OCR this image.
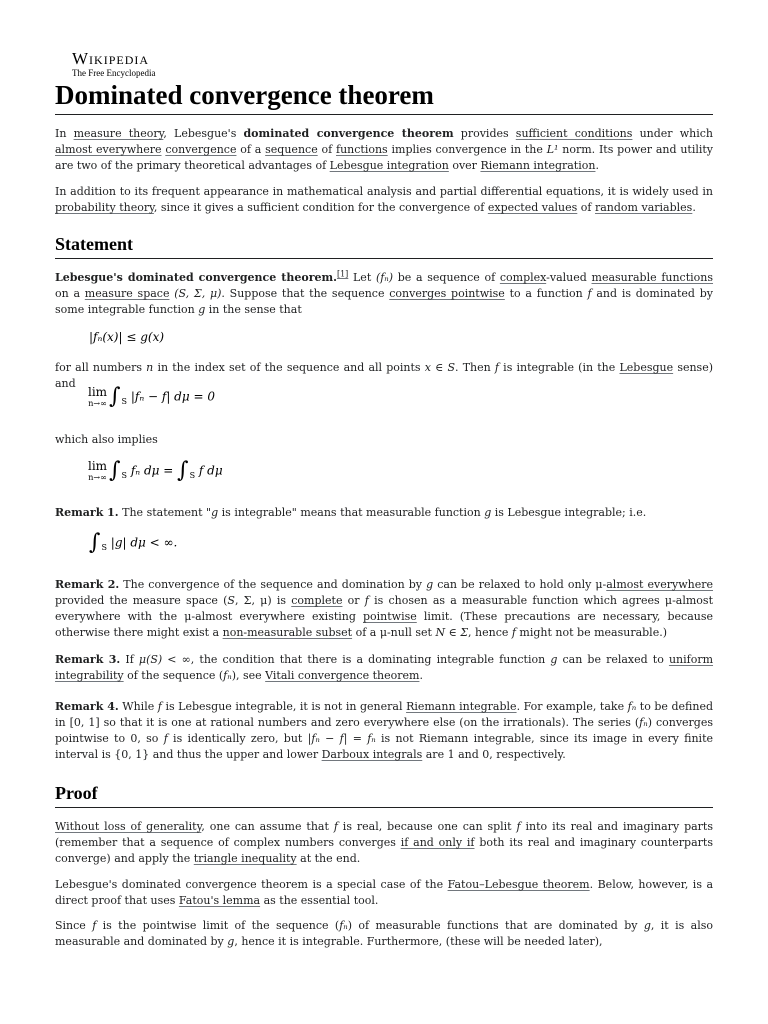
Wikipedia
The Free Encyclopedia
Dominated convergence theorem

In measure theory, Lebesgue's dominated convergence theorem provides sufficient conditions under which almost everywhere convergence of a sequence of functions implies convergence in the L¹ norm. Its power and utility are two of the primary theoretical advantages of Lebesgue integration over Riemann integration.

In addition to its frequent appearance in mathematical analysis and partial differential equations, it is widely used in probability theory, since it gives a sufficient condition for the convergence of expected values of random variables.

Statement

Lebesgue's dominated convergence theorem.[1] Let (fₙ) be a sequence of complex-valued measurable functions on a measure space (S, Σ, μ). Suppose that the sequence converges pointwise to a function f and is dominated by some integrable function g in the sense that

|fₙ(x)| ≤ g(x)

for all numbers n in the index set of the sequence and all points x ∈ S. Then f is integrable (in the Lebesgue sense) and

lim
n→∞ $\int_S$ |fₙ − f| dμ = 0

which also implies

lim
n→∞ $\int_S$ fₙ $d\mu = \int_S$ f dμ

Remark 1. The statement "g is integrable" means that measurable function g is Lebesgue integrable; i.e.

$\int_S$ |g| dμ < ∞.

Remark 2. The convergence of the sequence and domination by g can be relaxed to hold only μ-almost everywhere provided the measure space (S, Σ, μ) is complete or f is chosen as a measurable function which agrees μ-almost everywhere with the μ-almost everywhere existing pointwise limit. (These precautions are necessary, because otherwise there might exist a non-measurable subset of a μ-null set N ∈ Σ, hence f might not be measurable.)

Remark 3. If μ(S) < ∞, the condition that there is a dominating integrable function g can be relaxed to uniform integrability of the sequence (fₙ), see Vitali convergence theorem.

Remark 4. While f is Lebesgue integrable, it is not in general Riemann integrable. For example, take fₙ to be defined in [0, 1] so that it is one at rational numbers and zero everywhere else (on the irrationals). The series (fₙ) converges pointwise to 0, so f is identically zero, but |fₙ − f| = fₙ is not Riemann integrable, since its image in every finite interval is {0, 1} and thus the upper and lower Darboux integrals are 1 and 0, respectively.

Proof

Without loss of generality, one can assume that f is real, because one can split f into its real and imaginary parts (remember that a sequence of complex numbers converges if and only if both its real and imaginary counterparts converge) and apply the triangle inequality at the end.

Lebesgue's dominated convergence theorem is a special case of the Fatou–Lebesgue theorem. Below, however, is a direct proof that uses Fatou's lemma as the essential tool.

Since f is the pointwise limit of the sequence (fₙ) of measurable functions that are dominated by g, it is also measurable and dominated by g, hence it is integrable. Furthermore, (these will be needed later),
